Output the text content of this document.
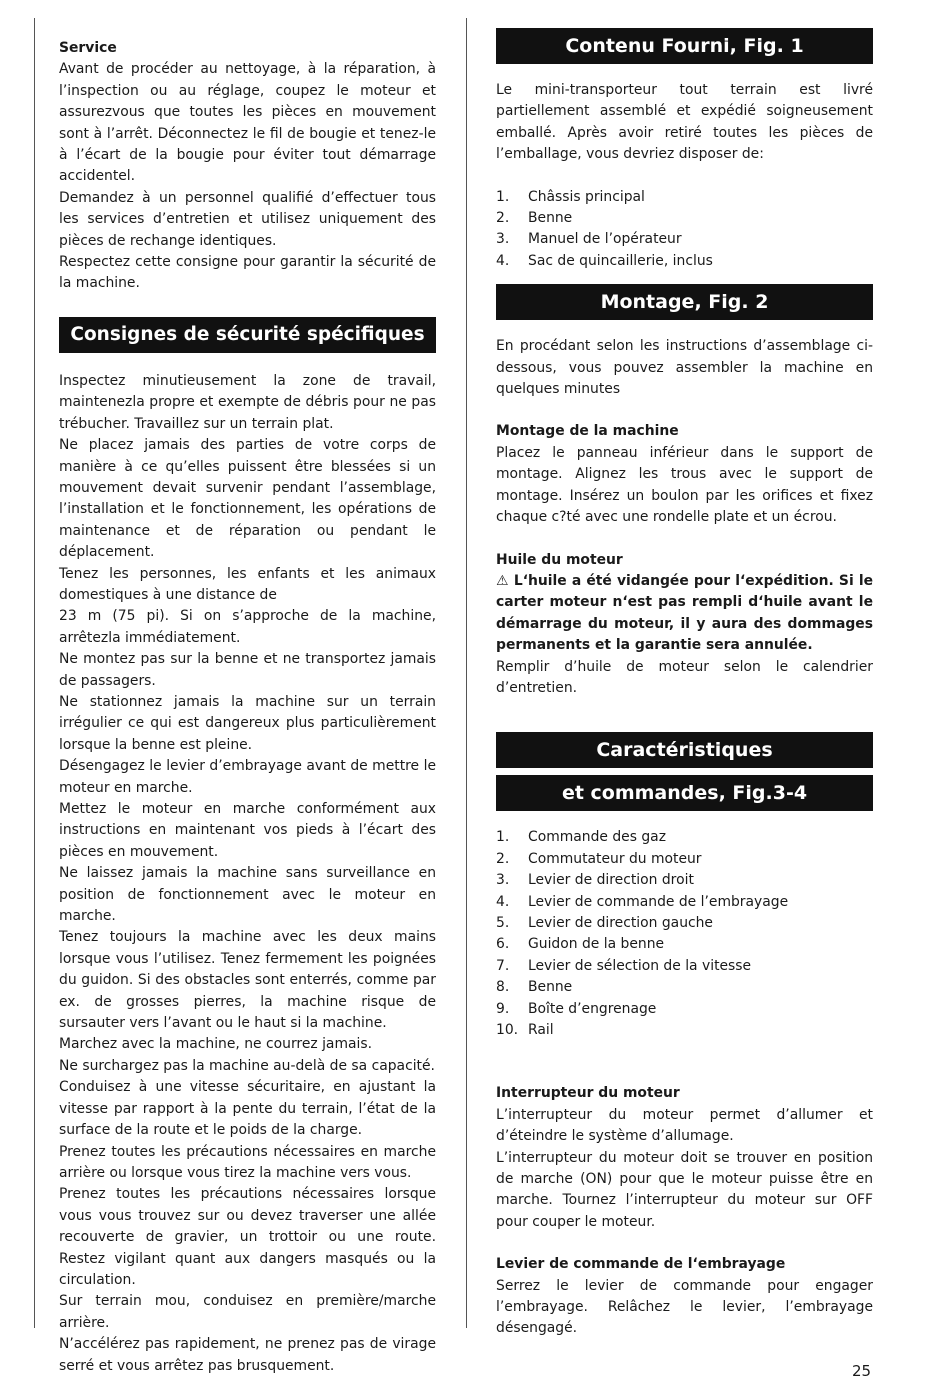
Service

Avant de procéder au nettoyage, à la réparation, à l’inspection ou au réglage, coupez le moteur et assurezvous que toutes les pièces en mouvement sont à l’arrêt. Déconnectez le fil de bougie et tenez-le à l’écart de la bougie pour éviter tout démarrage accidentel.

Demandez à un personnel qualifié d’effectuer tous les services d’entretien et utilisez uniquement des pièces de rechange identiques.

Respectez cette consigne pour garantir la sécurité de la machine.

Consignes de sécurité spécifiques

Inspectez minutieusement la zone de travail, maintenezla propre et exempte de débris pour ne pas trébucher. Travaillez sur un terrain plat.

Ne placez jamais des parties de votre corps de manière à ce qu’elles puissent être blessées si un mouvement devait survenir pendant l’assemblage, l’installation et le fonctionnement, les opérations de maintenance et de réparation ou pendant le déplacement.

Tenez les personnes, les enfants et les animaux domestiques à une distance de

23 m (75 pi). Si on s’approche de la machine, arrêtezla immédiatement.

Ne montez pas sur la benne et ne transportez jamais de passagers.

Ne stationnez jamais la machine sur un terrain irrégulier ce qui est dangereux plus particulièrement lorsque la benne est pleine.

Désengagez le levier d’embrayage avant de mettre le moteur en marche.

Mettez le moteur en marche conformément aux instructions en maintenant vos pieds à l’écart des pièces en mouvement.

Ne laissez jamais la machine sans surveillance en position de fonctionnement avec le moteur en marche.

Tenez toujours la machine avec les deux mains lorsque vous l’utilisez. Tenez fermement les poignées du guidon. Si des obstacles sont enterrés, comme par ex. de grosses pierres, la machine risque de sursauter vers l’avant ou le haut si la machine.

Marchez avec la machine, ne courrez jamais.

Ne surchargez pas la machine au-delà de sa capacité.

Conduisez à une vitesse sécuritaire, en ajustant la vitesse par rapport à la pente du terrain, l’état de la surface de la route et le poids de la charge.

Prenez toutes les précautions nécessaires en marche arrière ou lorsque vous tirez la machine vers vous.

Prenez toutes les précautions nécessaires lorsque vous vous trouvez sur ou devez traverser une allée recouverte de gravier, un trottoir ou une route. Restez vigilant quant aux dangers masqués ou la circulation.

Sur terrain mou, conduisez en première/marche arrière.

N’accélérez pas rapidement, ne prenez pas de virage serré et vous arrêtez pas brusquement.

Contenu Fourni, Fig. 1

Le mini-transporteur tout terrain est livré partiellement assemblé et expédié soigneusement emballé. Après avoir retiré toutes les pièces de l’emballage, vous devriez disposer de:

1.	Châssis principal
2.	Benne
3.	Manuel de l’opérateur
4.	Sac de quincaillerie, inclus
Montage, Fig. 2

En procédant selon les instructions d’assemblage ci-dessous, vous pouvez assembler la machine en quelques minutes

Montage de la machine

Placez le panneau inférieur dans le support de montage. Alignez les trous avec le support de montage. Insérez un boulon par les orifices et fixez chaque c?té avec une rondelle plate et un écrou.

Huile du moteur

⚠ L‘huile a été vidangée pour l‘expédition. Si le carter moteur n‘est pas rempli d‘huile avant le démarrage du moteur, il y aura des dommages permanents et la garantie sera annulée.

Remplir d’huile de moteur selon le calendrier d’entretien.

Caractéristiques
et commandes, Fig.3-4
1.	Commande des gaz
2.	Commutateur du moteur
3.	Levier de direction droit
4.	Levier de commande de l’embrayage
5.	Levier de direction gauche
6.	Guidon de la benne
7.	Levier de sélection de la vitesse
8.	Benne
9.	Boîte d’engrenage
10. Rail

Interrupteur du moteur

L’interrupteur du moteur permet d’allumer et d’éteindre le système d’allumage.

L’interrupteur du moteur doit se trouver en position de marche (ON) pour que le moteur puisse être en marche. Tournez l’interrupteur du moteur sur OFF pour couper le moteur.

Levier de commande de l‘embrayage

Serrez le levier de commande pour engager l’embrayage. Relâchez le levier, l’embrayage désengagé.

25
